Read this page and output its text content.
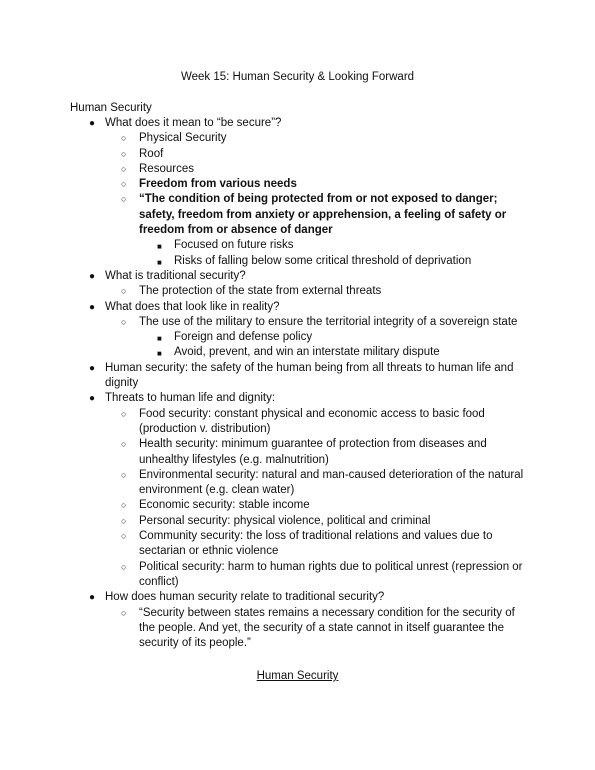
Week 15: Human Security & Looking Forward
Human Security
● What does it mean to “be secure”?
○ Physical Security
○ Roof
○ Resources
○ Freedom from various needs
○ “The condition of being protected from or not exposed to danger; safety, freedom from anxiety or apprehension, a feeling of safety or freedom from or absence of danger
■ Focused on future risks
■ Risks of falling below some critical threshold of deprivation
● What is traditional security?
○ The protection of the state from external threats
● What does that look like in reality?
○ The use of the military to ensure the territorial integrity of a sovereign state
■ Foreign and defense policy
■ Avoid, prevent, and win an interstate military dispute
● Human security: the safety of the human being from all threats to human life and dignity
● Threats to human life and dignity:
○ Food security: constant physical and economic access to basic food (production v. distribution)
○ Health security: minimum guarantee of protection from diseases and unhealthy lifestyles (e.g. malnutrition)
○ Environmental security: natural and man-caused deterioration of the natural environment (e.g. clean water)
○ Economic security: stable income
○ Personal security: physical violence, political and criminal
○ Community security: the loss of traditional relations and values due to sectarian or ethnic violence
○ Political security: harm to human rights due to political unrest (repression or conflict)
● How does human security relate to traditional security?
○ “Security between states remains a necessary condition for the security of the people. And yet, the security of a state cannot in itself guarantee the security of its people.”
Human Security
